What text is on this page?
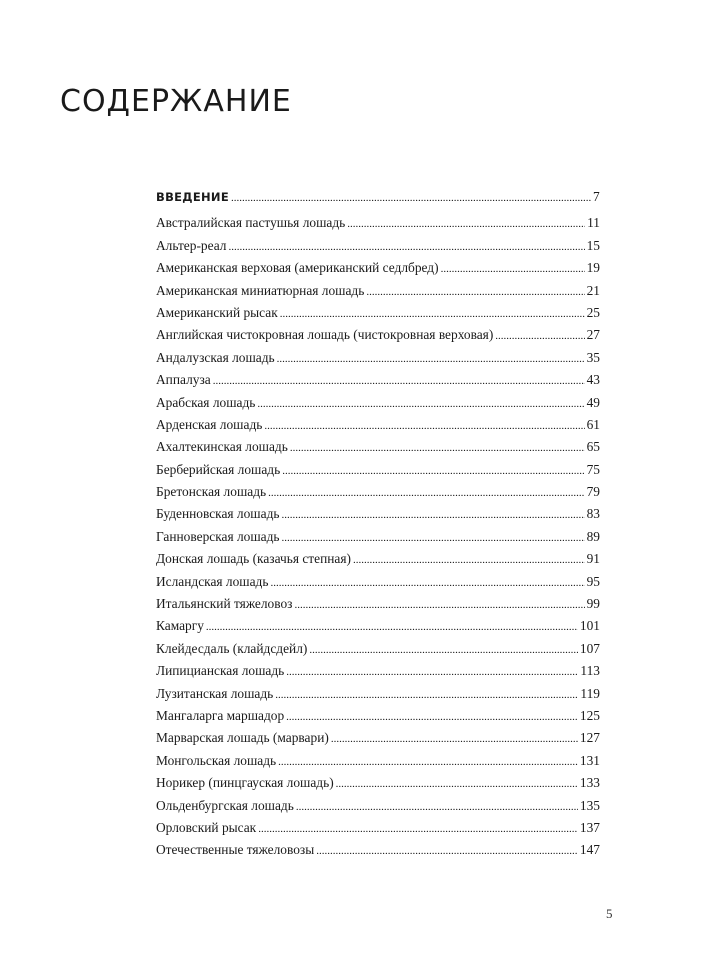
СОДЕРЖАНИЕ
ВВЕДЕНИЕ .....	7
Австралийская пастушья лошадь .....	11
Альтер-реал .....	15
Американская верховая (американский седлбред) .....	19
Американская миниатюрная лошадь .....	21
Американский рысак .....	25
Английская чистокровная лошадь (чистокровная верховая) .....	27
Андалузская лошадь .....	35
Аппалуза .....	43
Арабская лошадь .....	49
Арденская лошадь .....	61
Ахалтекинская лошадь .....	65
Берберийская лошадь .....	75
Бретонская лошадь .....	79
Буденновская лошадь .....	83
Ганноверская лошадь .....	89
Донская лошадь (казачья степная) .....	91
Исландская лошадь .....	95
Итальянский тяжеловоз .....	99
Камаргу .....	101
Клейдесдаль (клайдсдейл) .....	107
Липицианская лошадь .....	113
Лузитанская лошадь .....	119
Мангаларга маршадор .....	125
Марварская лошадь (марвари) .....	127
Монгольская лошадь .....	131
Норикер (пинцгауская лошадь) .....	133
Ольденбургская лошадь .....	135
Орловский рысак .....	137
Отечественные тяжеловозы .....	147
5
